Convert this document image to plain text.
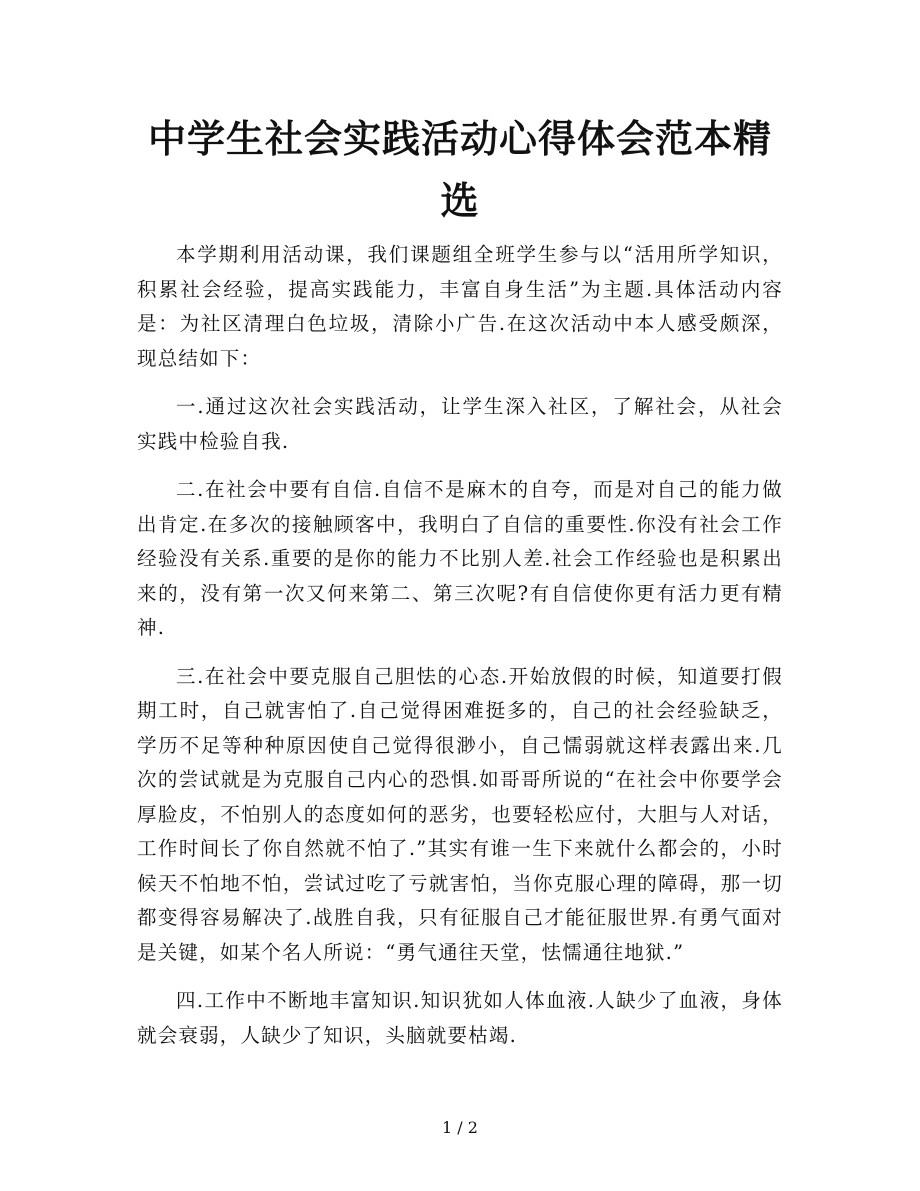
中学生社会实践活动心得体会范本精选

本学期利用活动课，我们课题组全班学生参与以“活用所学知识，积累社会经验，提高实践能力，丰富自身生活”为主题.具体活动内容是：为社区清理白色垃圾，清除小广告.在这次活动中本人感受颇深，现总结如下：

一.通过这次社会实践活动，让学生深入社区，了解社会，从社会实践中检验自我.

二.在社会中要有自信.自信不是麻木的自夸，而是对自己的能力做出肯定.在多次的接触顾客中，我明白了自信的重要性.你没有社会工作经验没有关系.重要的是你的能力不比别人差.社会工作经验也是积累出来的，没有第一次又何来第二、第三次呢?有自信使你更有活力更有精神.

三.在社会中要克服自己胆怯的心态.开始放假的时候，知道要打假期工时，自己就害怕了.自己觉得困难挺多的，自己的社会经验缺乏，学历不足等种种原因使自己觉得很渺小，自己懦弱就这样表露出来.几次的尝试就是为克服自己内心的恐惧.如哥哥所说的“在社会中你要学会厚脸皮，不怕别人的态度如何的恶劣，也要轻松应付，大胆与人对话，工作时间长了你自然就不怕了.”其实有谁一生下来就什么都会的，小时候天不怕地不怕，尝试过吃了亏就害怕，当你克服心理的障碍，那一切都变得容易解决了.战胜自我，只有征服自己才能征服世界.有勇气面对是关键，如某个名人所说：“勇气通往天堂，怯懦通往地狱.”

四.工作中不断地丰富知识.知识犹如人体血液.人缺少了血液，身体就会衰弱，人缺少了知识，头脑就要枯竭.

1 / 2
